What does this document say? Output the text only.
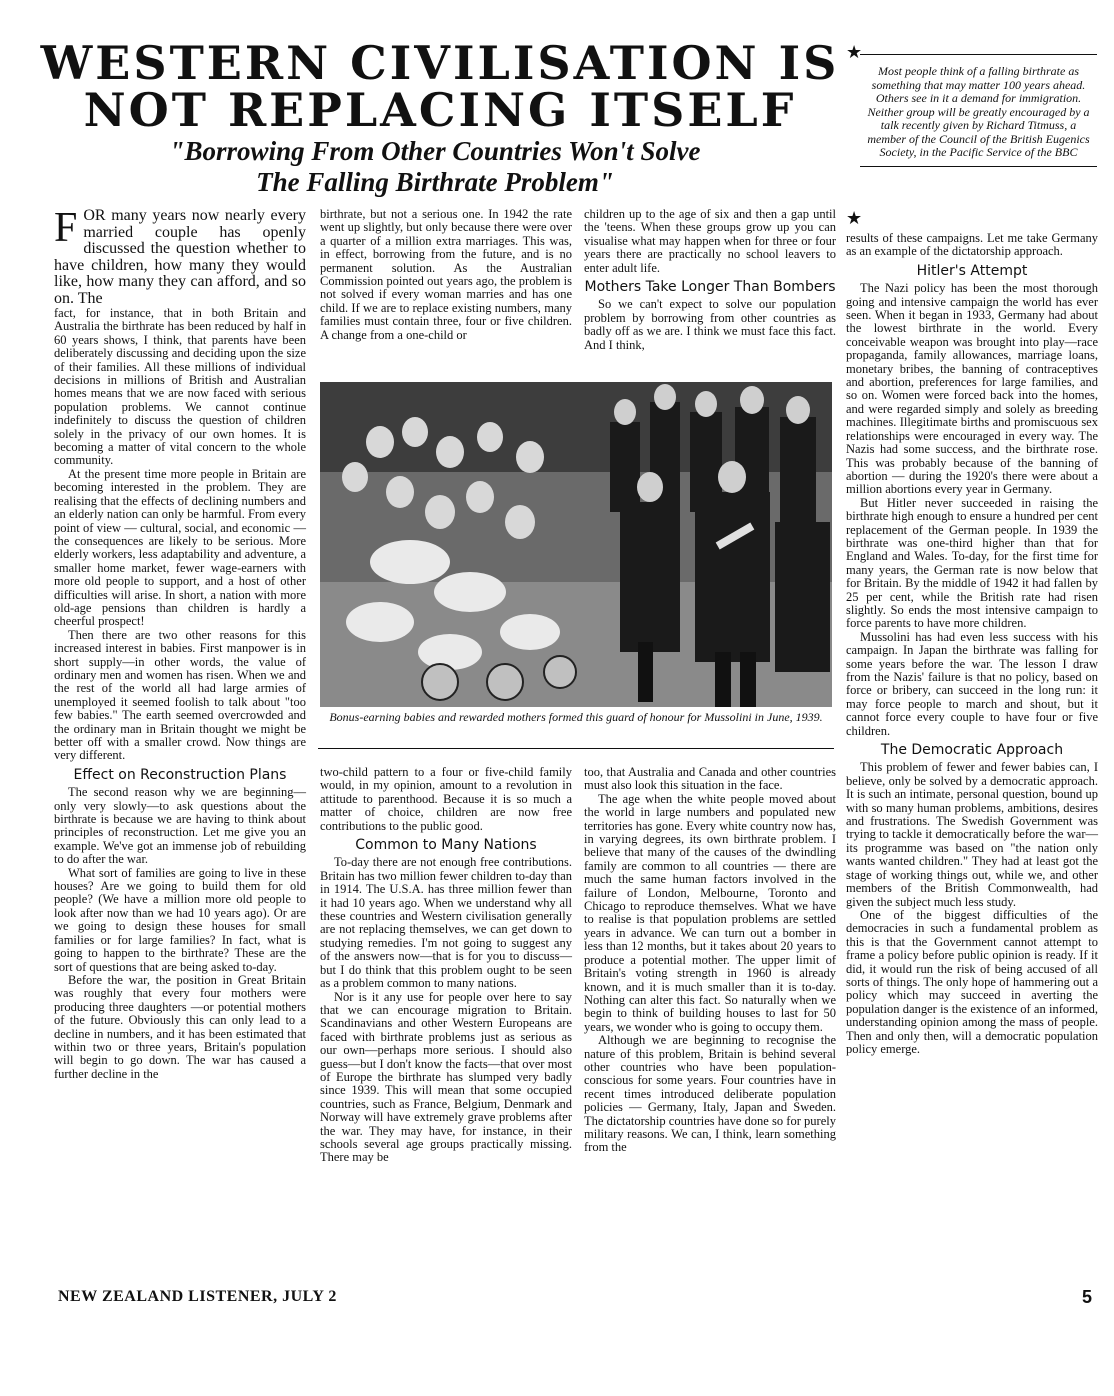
WESTERN CIVILISATION IS
NOT REPLACING ITSELF
"Borrowing From Other Countries Won't Solve
The Falling Birthrate Problem"
★
★
Most people think of a falling birthrate as something that may matter 100 years ahead. Others see in it a demand for immigration. Neither group will be greatly encouraged by a talk recently given by Richard Titmuss, a member of the Council of the British Eugenics Society, in the Pacific Service of the BBC
FOR many years now nearly every married couple has openly discussed the question whether to have children, how many they would like, how many they can afford, and so on. The

fact, for instance, that in both Britain and Australia the birthrate has been reduced by half in 60 years shows, I think, that parents have been deliberately discussing and deciding upon the size of their families. All these millions of individual decisions in millions of British and Australian homes means that we are now faced with serious population problems. We cannot continue indefinitely to discuss the question of children solely in the privacy of our own homes. It is becoming a matter of vital concern to the whole community.

At the present time more people in Britain are becoming interested in the problem. They are realising that the effects of declining numbers and an elderly nation can only be harmful. From every point of view — cultural, social, and economic — the consequences are likely to be serious. More elderly workers, less adaptability and adventure, a smaller home market, fewer wage-earners with more old people to support, and a host of other difficulties will arise. In short, a nation with more old-age pensions than children is hardly a cheerful prospect!

Then there are two other reasons for this increased interest in babies. First manpower is in short supply—in other words, the value of ordinary men and women has risen. When we and the rest of the world all had large armies of unemployed it seemed foolish to talk about "too few babies." The earth seemed overcrowded and the ordinary man in Britain thought we might be better off with a smaller crowd. Now things are very different.

Effect on Reconstruction Plans

The second reason why we are beginning—only very slowly—to ask questions about the birthrate is because we are having to think about principles of reconstruction. Let me give you an example. We've got an immense job of rebuilding to do after the war.

What sort of families are going to live in these houses? Are we going to build them for old people? (We have a million more old people to look after now than we had 10 years ago). Or are we going to design these houses for small families or for large families? In fact, what is going to happen to the birthrate? These are the sort of questions that are being asked to-day.

Before the war, the position in Great Britain was roughly that every four mothers were producing three daughters —or potential mothers of the future. Obviously this can only lead to a decline in numbers, and it has been estimated that within two or three years, Britain's population will begin to go down. The war has caused a further decline in the

birthrate, but not a serious one. In 1942 the rate went up slightly, but only because there were over a quarter of a million extra marriages. This was, in effect, borrowing from the future, and is no permanent solution. As the Australian Commission pointed out years ago, the problem is not solved if every woman marries and has one child. If we are to replace existing numbers, many families must contain three, four or five children. A change from a one-child or

children up to the age of six and then a gap until the 'teens. When these groups grow up you can visualise what may happen when for three or four years there are practically no school leavers to enter adult life.

Mothers Take Longer Than Bombers

So we can't expect to solve our population problem by borrowing from other countries as badly off as we are. I think we must face this fact. And I think,

Bonus-earning babies and rewarded mothers formed this guard of honour for Mussolini in June, 1939.

two-child pattern to a four or five-child family would, in my opinion, amount to a revolution in attitude to parenthood. Because it is so much a matter of choice, children are now free contributions to the public good.

Common to Many Nations

To-day there are not enough free contributions. Britain has two million fewer children to-day than in 1914. The U.S.A. has three million fewer than it had 10 years ago. When we understand why all these countries and Western civilisation generally are not replacing themselves, we can get down to studying remedies. I'm not going to suggest any of the answers now—that is for you to discuss—but I do think that this problem ought to be seen as a problem common to many nations.

Nor is it any use for people over here to say that we can encourage migration to Britain. Scandinavians and other Western Europeans are faced with birthrate problems just as serious as our own—perhaps more serious. I should also guess—but I don't know the facts—that over most of Europe the birthrate has slumped very badly since 1939. This will mean that some occupied countries, such as France, Belgium, Denmark and Norway will have extremely grave problems after the war. They may have, for instance, in their schools several age groups practically missing. There may be

too, that Australia and Canada and other countries must also look this situation in the face.

The age when the white people moved about the world in large numbers and populated new territories has gone. Every white country now has, in varying degrees, its own birthrate problem. I believe that many of the causes of the dwindling family are common to all countries — there are much the same human factors involved in the failure of London, Melbourne, Toronto and Chicago to reproduce themselves. What we have to realise is that population problems are settled years in advance. We can turn out a bomber in less than 12 months, but it takes about 20 years to produce a potential mother. The upper limit of Britain's voting strength in 1960 is already known, and it is much smaller than it is to-day. Nothing can alter this fact. So naturally when we begin to think of building houses to last for 50 years, we wonder who is going to occupy them.

Although we are beginning to recognise the nature of this problem, Britain is behind several other countries who have been population-conscious for some years. Four countries have in recent times introduced deliberate population policies — Germany, Italy, Japan and Sweden. The dictatorship countries have done so for purely military reasons. We can, I think, learn something from the

results of these campaigns. Let me take Germany as an example of the dictatorship approach.

Hitler's Attempt

The Nazi policy has been the most thorough going and intensive campaign the world has ever seen. When it began in 1933, Germany had about the lowest birthrate in the world. Every conceivable weapon was brought into play—race propaganda, family allowances, marriage loans, monetary bribes, the banning of contraceptives and abortion, preferences for large families, and so on. Women were forced back into the homes, and were regarded simply and solely as breeding machines. Illegitimate births and promiscuous sex relationships were encouraged in every way. The Nazis had some success, and the birthrate rose. This was probably because of the banning of abortion — during the 1920's there were about a million abortions every year in Germany.

But Hitler never succeeded in raising the birthrate high enough to ensure a hundred per cent replacement of the German people. In 1939 the birthrate was one-third higher than that for England and Wales. To-day, for the first time for many years, the German rate is now below that for Britain. By the middle of 1942 it had fallen by 25 per cent, while the British rate had risen slightly. So ends the most intensive campaign to force parents to have more children.

Mussolini has had even less success with his campaign. In Japan the birthrate was falling for some years before the war. The lesson I draw from the Nazis' failure is that no policy, based on force or bribery, can succeed in the long run: it may force people to march and shout, but it cannot force every couple to have four or five children.

The Democratic Approach

This problem of fewer and fewer babies can, I believe, only be solved by a democratic approach. It is such an intimate, personal question, bound up with so many human problems, ambitions, desires and frustrations. The Swedish Government was trying to tackle it democratically before the war—its programme was based on "the nation only wants wanted children." They had at least got the stage of working things out, while we, and other members of the British Commonwealth, had given the subject much less study.

One of the biggest difficulties of the democracies in such a fundamental problem as this is that the Government cannot attempt to frame a policy before public opinion is ready. If it did, it would run the risk of being accused of all sorts of things. The only hope of hammering out a policy which may succeed in averting the population danger is the existence of an informed, understanding opinion among the mass of people. Then and only then, will a democratic population policy emerge.

NEW ZEALAND LISTENER, JULY 2	5
